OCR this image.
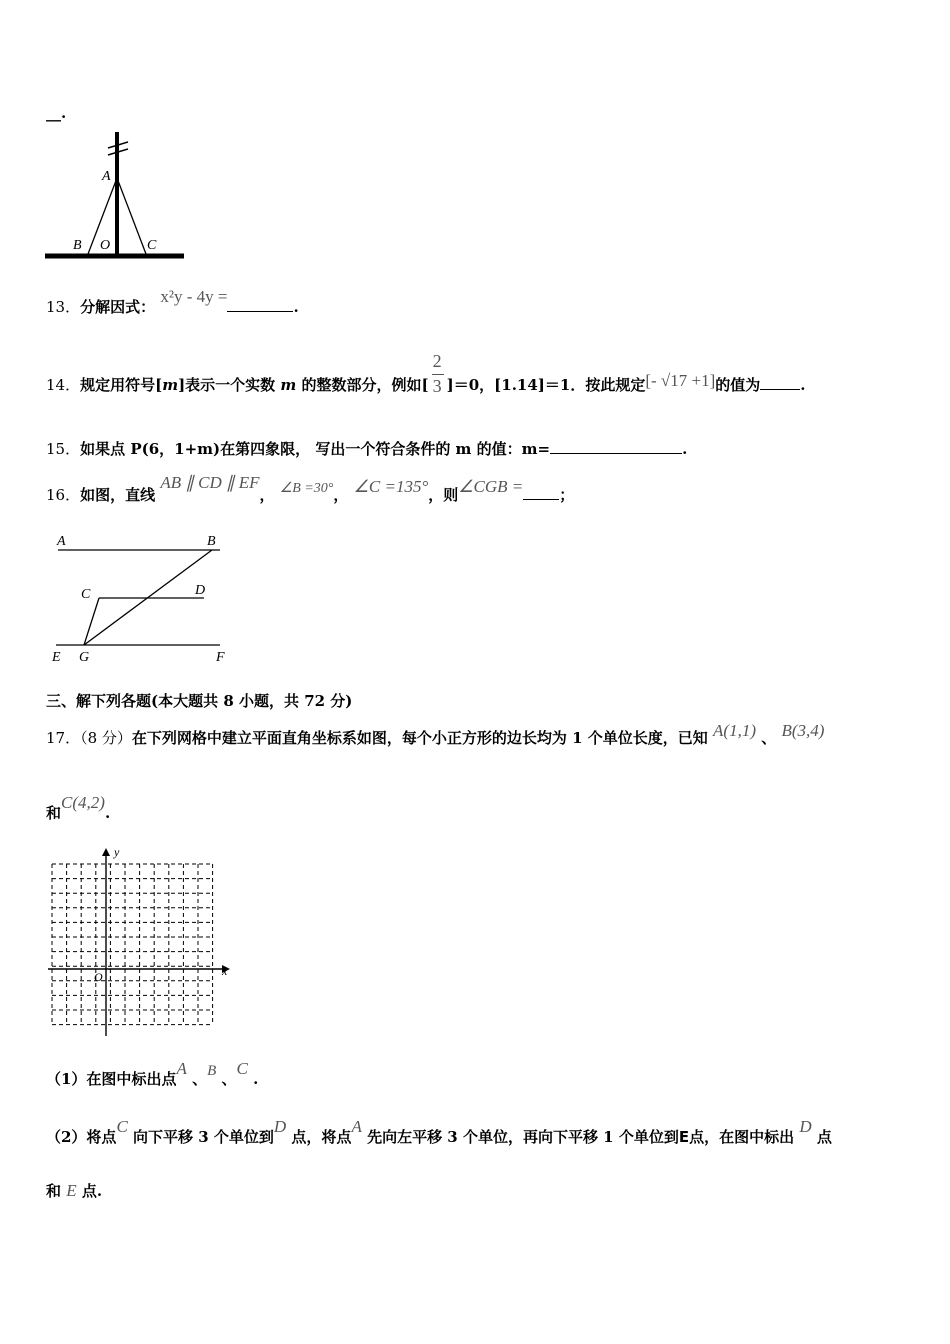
__.
A
B O	C
13．分解因式： x²y - 4y =.
14．规定用符号[m]表示一个实数 m 的整数部分，例如[ $\frac{2}{3} ]=0$，[1.14]＝1．按此规定[- √17 +1]的值为	.
15．如果点 P(6，1+m)在第四象限， 写出一个符合条件的 m 的值：m=	.
16．如图，直线 AB ∥ CD ∥ EF， ∠B =30°， ∠C =135°，则∠CGB = ；
A	B
C	D
E G	F
三、解下列各题(本大题共 8 小题，共 72 分)
17．（8 分）在下列网格中建立平面直角坐标系如图，每个小正方形的边长均为 1 个单位长度，已知 A(1,1) 、 B(3,4)
和C(4,2).
x
y
O
（1）在图中标出点A 、B 、C .
（2）将点C 向下平移 3 个单位到D 点，将点A 先向左平移 3 个单位，再向下平移 1 个单位到E点，在图中标出 D 点
和 E 点.
